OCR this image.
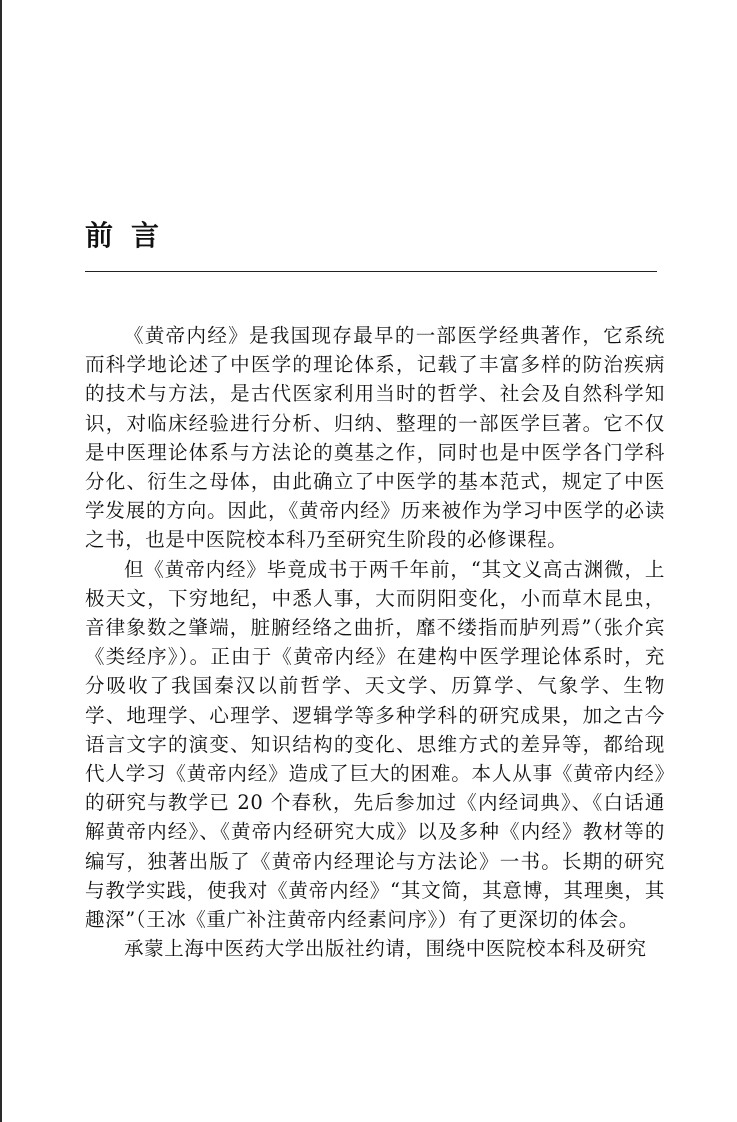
前言

《黄帝内经》是我国现存最早的一部医学经典著作，它系统而科学地论述了中医学的理论体系，记载了丰富多样的防治疾病的技术与方法，是古代医家利用当时的哲学、社会及自然科学知识，对临床经验进行分析、归纳、整理的一部医学巨著。它不仅是中医理论体系与方法论的奠基之作，同时也是中医学各门学科分化、衍生之母体，由此确立了中医学的基本范式，规定了中医学发展的方向。因此，《黄帝内经》历来被作为学习中医学的必读之书，也是中医院校本科乃至研究生阶段的必修课程。

但《黄帝内经》毕竟成书于两千年前，“其文义高古渊微，上极天文，下穷地纪，中悉人事，大而阴阳变化，小而草木昆虫，音律象数之肇端，脏腑经络之曲折，靡不缕指而胪列焉”（张介宾《类经序》）。正由于《黄帝内经》在建构中医学理论体系时，充分吸收了我国秦汉以前哲学、天文学、历算学、气象学、生物学、地理学、心理学、逻辑学等多种学科的研究成果，加之古今语言文字的演变、知识结构的变化、思维方式的差异等，都给现代人学习《黄帝内经》造成了巨大的困难。本人从事《黄帝内经》的研究与教学已 20 个春秋，先后参加过《内经词典》、《白话通解黄帝内经》、《黄帝内经研究大成》以及多种《内经》教材等的编写，独著出版了《黄帝内经理论与方法论》一书。长期的研究与教学实践，使我对《黄帝内经》“其文简，其意博，其理奥，其趣深”（王冰《重广补注黄帝内经素问序》）有了更深切的体会。

承蒙上海中医药大学出版社约请，围绕中医院校本科及研究
